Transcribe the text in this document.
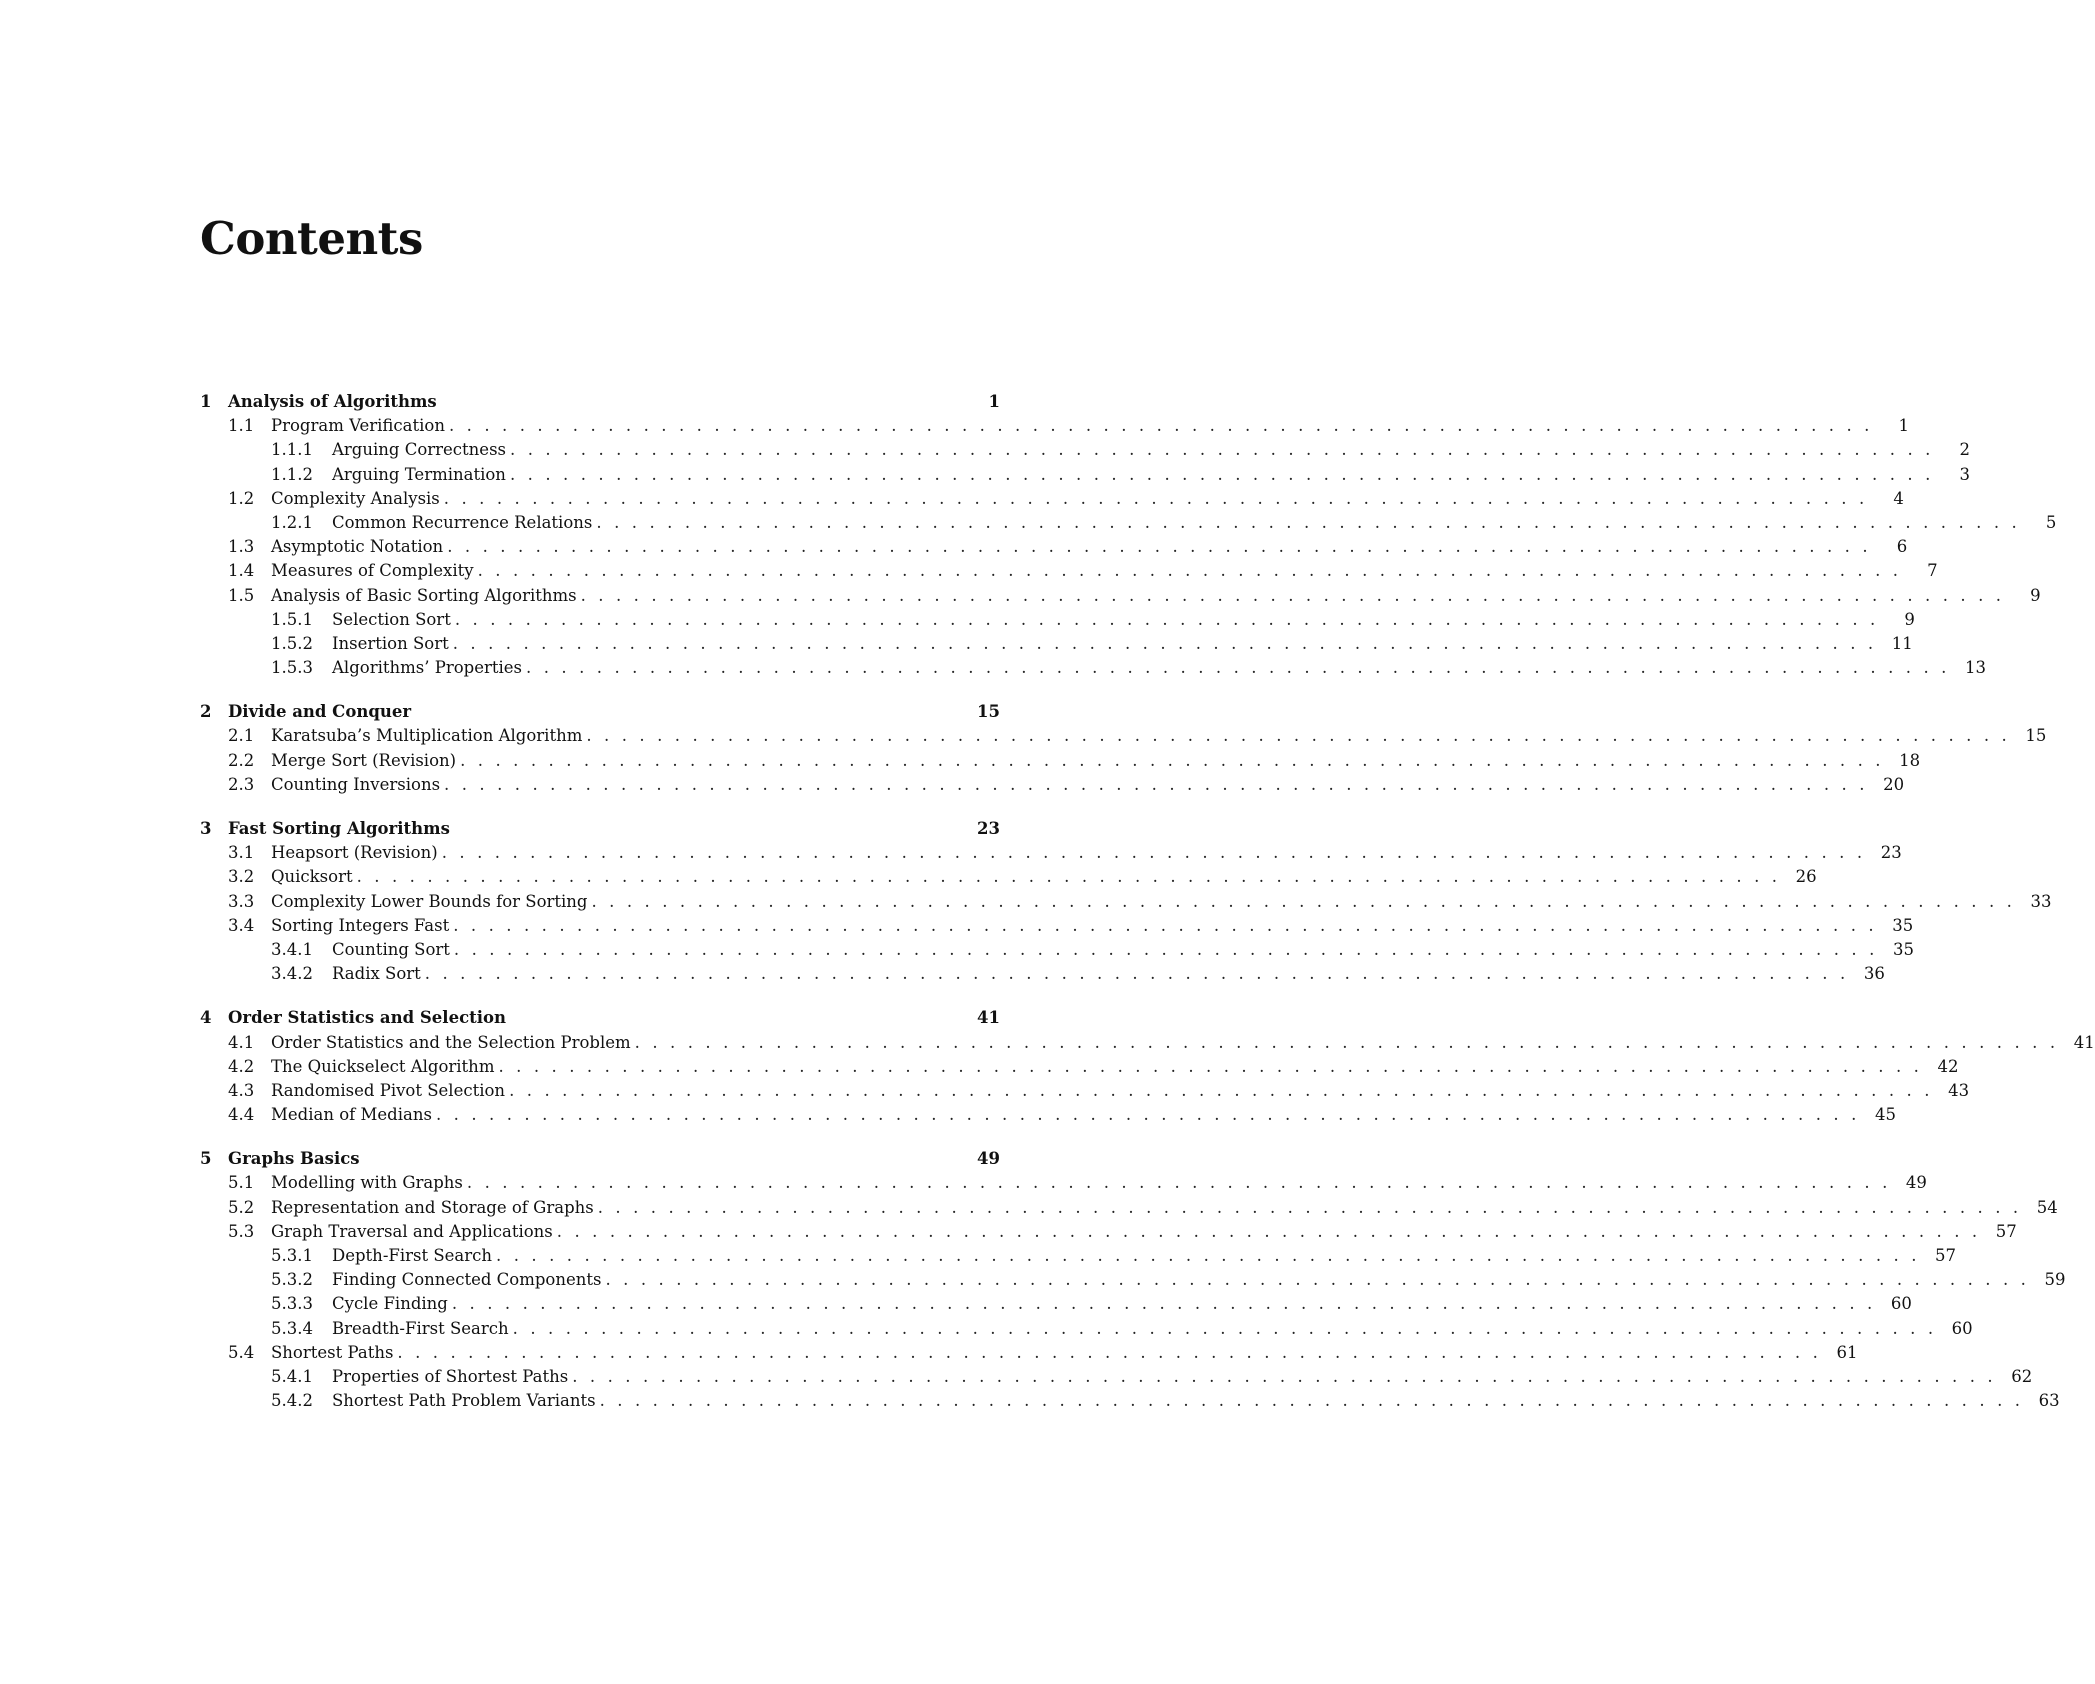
Contents
1	Analysis of Algorithms	1
1.1	Program Verification . . . . . . . . . . . . . . . . . . . . . . . . . . . . . . . . . . . . . . . . . . . . . . . . . . . . . . . . . . . . . . . . . . . . . . . . . . . . . . . . .	1
1.1.1	Arguing Correctness . . . . . . . . . . . . . . . . . . . . . . . . . . . . . . . . . . . . . . . . . . . . . . . . . . . . . . . . . . . . . . . . . . . . . . . . . . . . . . . . .	2
1.1.2	Arguing Termination . . . . . . . . . . . . . . . . . . . . . . . . . . . . . . . . . . . . . . . . . . . . . . . . . . . . . . . . . . . . . . . . . . . . . . . . . . . . . . . . .	3
1.2	Complexity Analysis . . . . . . . . . . . . . . . . . . . . . . . . . . . . . . . . . . . . . . . . . . . . . . . . . . . . . . . . . . . . . . . . . . . . . . . . . . . . . . . . .	4
1.2.1	Common Recurrence Relations . . . . . . . . . . . . . . . . . . . . . . . . . . . . . . . . . . . . . . . . . . . . . . . . . . . . . . . . . . . . . . . . . . . . . . . . . . . . . . . . .	5
1.3	Asymptotic Notation . . . . . . . . . . . . . . . . . . . . . . . . . . . . . . . . . . . . . . . . . . . . . . . . . . . . . . . . . . . . . . . . . . . . . . . . . . . . . . . . .	6
1.4	Measures of Complexity . . . . . . . . . . . . . . . . . . . . . . . . . . . . . . . . . . . . . . . . . . . . . . . . . . . . . . . . . . . . . . . . . . . . . . . . . . . . . . . . .	7
1.5	Analysis of Basic Sorting Algorithms . . . . . . . . . . . . . . . . . . . . . . . . . . . . . . . . . . . . . . . . . . . . . . . . . . . . . . . . . . . . . . . . . . . . . . . . . . . . . . . . .	9
1.5.1	Selection Sort . . . . . . . . . . . . . . . . . . . . . . . . . . . . . . . . . . . . . . . . . . . . . . . . . . . . . . . . . . . . . . . . . . . . . . . . . . . . . . . . .	9
1.5.2	Insertion Sort . . . . . . . . . . . . . . . . . . . . . . . . . . . . . . . . . . . . . . . . . . . . . . . . . . . . . . . . . . . . . . . . . . . . . . . . . . . . . . . . . 11
1.5.3	Algorithms’ Properties . . . . . . . . . . . . . . . . . . . . . . . . . . . . . . . . . . . . . . . . . . . . . . . . . . . . . . . . . . . . . . . . . . . . . . . . . . . . . . . . . 13
2	Divide and Conquer	15
2.1	Karatsuba’s Multiplication Algorithm . . . . . . . . . . . . . . . . . . . . . . . . . . . . . . . . . . . . . . . . . . . . . . . . . . . . . . . . . . . . . . . . . . . . . . . . . . . . . . . . . 15
2.2	Merge Sort (Revision) . . . . . . . . . . . . . . . . . . . . . . . . . . . . . . . . . . . . . . . . . . . . . . . . . . . . . . . . . . . . . . . . . . . . . . . . . . . . . . . . . 18
2.3	Counting Inversions . . . . . . . . . . . . . . . . . . . . . . . . . . . . . . . . . . . . . . . . . . . . . . . . . . . . . . . . . . . . . . . . . . . . . . . . . . . . . . . . . 20
3	Fast Sorting Algorithms	23
3.1	Heapsort (Revision) . . . . . . . . . . . . . . . . . . . . . . . . . . . . . . . . . . . . . . . . . . . . . . . . . . . . . . . . . . . . . . . . . . . . . . . . . . . . . . . . . 23
3.2	Quicksort . . . . . . . . . . . . . . . . . . . . . . . . . . . . . . . . . . . . . . . . . . . . . . . . . . . . . . . . . . . . . . . . . . . . . . . . . . . . . . . . . 26
3.3	Complexity Lower Bounds for Sorting . . . . . . . . . . . . . . . . . . . . . . . . . . . . . . . . . . . . . . . . . . . . . . . . . . . . . . . . . . . . . . . . . . . . . . . . . . . . . . . . . 33
3.4	Sorting Integers Fast . . . . . . . . . . . . . . . . . . . . . . . . . . . . . . . . . . . . . . . . . . . . . . . . . . . . . . . . . . . . . . . . . . . . . . . . . . . . . . . . . 35
3.4.1	Counting Sort . . . . . . . . . . . . . . . . . . . . . . . . . . . . . . . . . . . . . . . . . . . . . . . . . . . . . . . . . . . . . . . . . . . . . . . . . . . . . . . . . 35
3.4.2	Radix Sort . . . . . . . . . . . . . . . . . . . . . . . . . . . . . . . . . . . . . . . . . . . . . . . . . . . . . . . . . . . . . . . . . . . . . . . . . . . . . . . . . 36
4	Order Statistics and Selection	41
4.1	Order Statistics and the Selection Problem . . . . . . . . . . . . . . . . . . . . . . . . . . . . . . . . . . . . . . . . . . . . . . . . . . . . . . . . . . . . . . . . . . . . . . . . . . . . . . . . . 41
4.2	The Quickselect Algorithm . . . . . . . . . . . . . . . . . . . . . . . . . . . . . . . . . . . . . . . . . . . . . . . . . . . . . . . . . . . . . . . . . . . . . . . . . . . . . . . . . 42
4.3	Randomised Pivot Selection . . . . . . . . . . . . . . . . . . . . . . . . . . . . . . . . . . . . . . . . . . . . . . . . . . . . . . . . . . . . . . . . . . . . . . . . . . . . . . . . . 43
4.4	Median of Medians . . . . . . . . . . . . . . . . . . . . . . . . . . . . . . . . . . . . . . . . . . . . . . . . . . . . . . . . . . . . . . . . . . . . . . . . . . . . . . . . . 45
5	Graphs Basics	49
5.1	Modelling with Graphs . . . . . . . . . . . . . . . . . . . . . . . . . . . . . . . . . . . . . . . . . . . . . . . . . . . . . . . . . . . . . . . . . . . . . . . . . . . . . . . . . 49
5.2	Representation and Storage of Graphs . . . . . . . . . . . . . . . . . . . . . . . . . . . . . . . . . . . . . . . . . . . . . . . . . . . . . . . . . . . . . . . . . . . . . . . . . . . . . . . . . 54
5.3	Graph Traversal and Applications . . . . . . . . . . . . . . . . . . . . . . . . . . . . . . . . . . . . . . . . . . . . . . . . . . . . . . . . . . . . . . . . . . . . . . . . . . . . . . . . . 57
5.3.1	Depth-First Search . . . . . . . . . . . . . . . . . . . . . . . . . . . . . . . . . . . . . . . . . . . . . . . . . . . . . . . . . . . . . . . . . . . . . . . . . . . . . . . . . 57
5.3.2	Finding Connected Components . . . . . . . . . . . . . . . . . . . . . . . . . . . . . . . . . . . . . . . . . . . . . . . . . . . . . . . . . . . . . . . . . . . . . . . . . . . . . . . . . 59
5.3.3	Cycle Finding . . . . . . . . . . . . . . . . . . . . . . . . . . . . . . . . . . . . . . . . . . . . . . . . . . . . . . . . . . . . . . . . . . . . . . . . . . . . . . . . . 60
5.3.4	Breadth-First Search . . . . . . . . . . . . . . . . . . . . . . . . . . . . . . . . . . . . . . . . . . . . . . . . . . . . . . . . . . . . . . . . . . . . . . . . . . . . . . . . . 60
5.4	Shortest Paths . . . . . . . . . . . . . . . . . . . . . . . . . . . . . . . . . . . . . . . . . . . . . . . . . . . . . . . . . . . . . . . . . . . . . . . . . . . . . . . . . 61
5.4.1	Properties of Shortest Paths . . . . . . . . . . . . . . . . . . . . . . . . . . . . . . . . . . . . . . . . . . . . . . . . . . . . . . . . . . . . . . . . . . . . . . . . . . . . . . . . . 62
5.4.2	Shortest Path Problem Variants . . . . . . . . . . . . . . . . . . . . . . . . . . . . . . . . . . . . . . . . . . . . . . . . . . . . . . . . . . . . . . . . . . . . . . . . . . . . . . . . . 63
